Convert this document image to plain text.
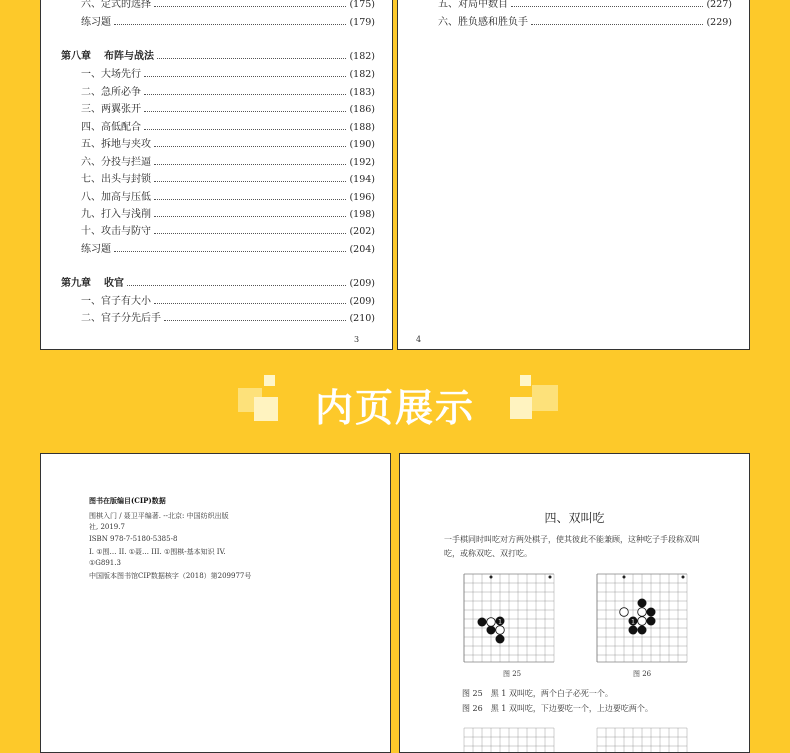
六、定式的选择	(175)
练习题	(179)
第八章	布阵与战法	(182)
一、大场先行	(182)
二、急所必争	(183)
三、两翼张开	(186)
四、高低配合	(188)
五、拆地与夹攻	(190)
六、分投与拦逼	(192)
七、出头与封锁	(194)
八、加高与压低	(196)
九、打入与浅削	(198)
十、攻击与防守	(202)
练习题	(204)
第九章	收官	(209)
一、官子有大小	(209)
二、官子分先后手	(210)
3
五、对局中数目	(227)
六、胜负感和胜负手	(229)
4
内页展示
图书在版编目(CIP)数据
围棋入门 / 聂卫平编著. --北京: 中国纺织出版
社, 2019.7
ISBN 978-7-5180-5385-8
I. ①围… II. ①聂… III. ①围棋-基本知识 IV.
①G891.3
中国版本图书馆CIP数据核字（2018）第209977号
四、双叫吃
一手棋同时叫吃对方两处棋子，使其彼此不能兼顾，这种吃子手段称双叫
吃，或称双吃、双打吃。
1
图 25
1
图 26
图 25　黑 1 双叫吃，两个白子必死一个。
图 26　黑 1 双叫吃，下边要吃一个，上边要吃两个。
